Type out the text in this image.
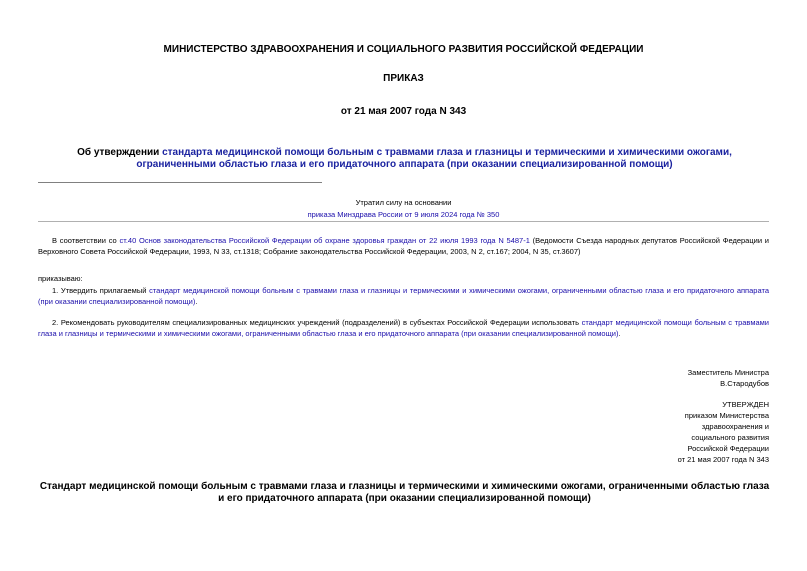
МИНИСТЕРСТВО ЗДРАВООХРАНЕНИЯ И СОЦИАЛЬНОГО РАЗВИТИЯ РОССИЙСКОЙ ФЕДЕРАЦИИ
ПРИКАЗ
от 21 мая 2007 года N 343
Об утверждении стандарта медицинской помощи больным с травмами глаза и глазницы и термическими и химическими ожогами, ограниченными областью глаза и его придаточного аппарата (при оказании специализированной помощи)
Утратил силу на основании
приказа Минздрава России от 9 июля 2024 года № 350
В соответствии со ст.40 Основ законодательства Российской Федерации об охране здоровья граждан от 22 июля 1993 года N 5487-1 (Ведомости Съезда народных депутатов Российской Федерации и Верховного Совета Российской Федерации, 1993, N 33, ст.1318; Собрание законодательства Российской Федерации, 2003, N 2, ст.167; 2004, N 35, ст.3607)
приказываю:
1. Утвердить прилагаемый стандарт медицинской помощи больным с травмами глаза и глазницы и термическими и химическими ожогами, ограниченными областью глаза и его придаточного аппарата (при оказании специализированной помощи).
2. Рекомендовать руководителям специализированных медицинских учреждений (подразделений) в субъектах Российской Федерации использовать стандарт медицинской помощи больным с травмами глаза и глазницы и термическими и химическими ожогами, ограниченными областью глаза и его придаточного аппарата (при оказании специализированной помощи).
Заместитель Министра
В.Стародубов
УТВЕРЖДЕН
приказом Министерства
здравоохранения и
социального развития
Российской Федерации
от 21 мая 2007 года N 343
Стандарт медицинской помощи больным с травмами глаза и глазницы и термическими и химическими ожогами, ограниченными областью глаза и его придаточного аппарата (при оказании специализированной помощи)
